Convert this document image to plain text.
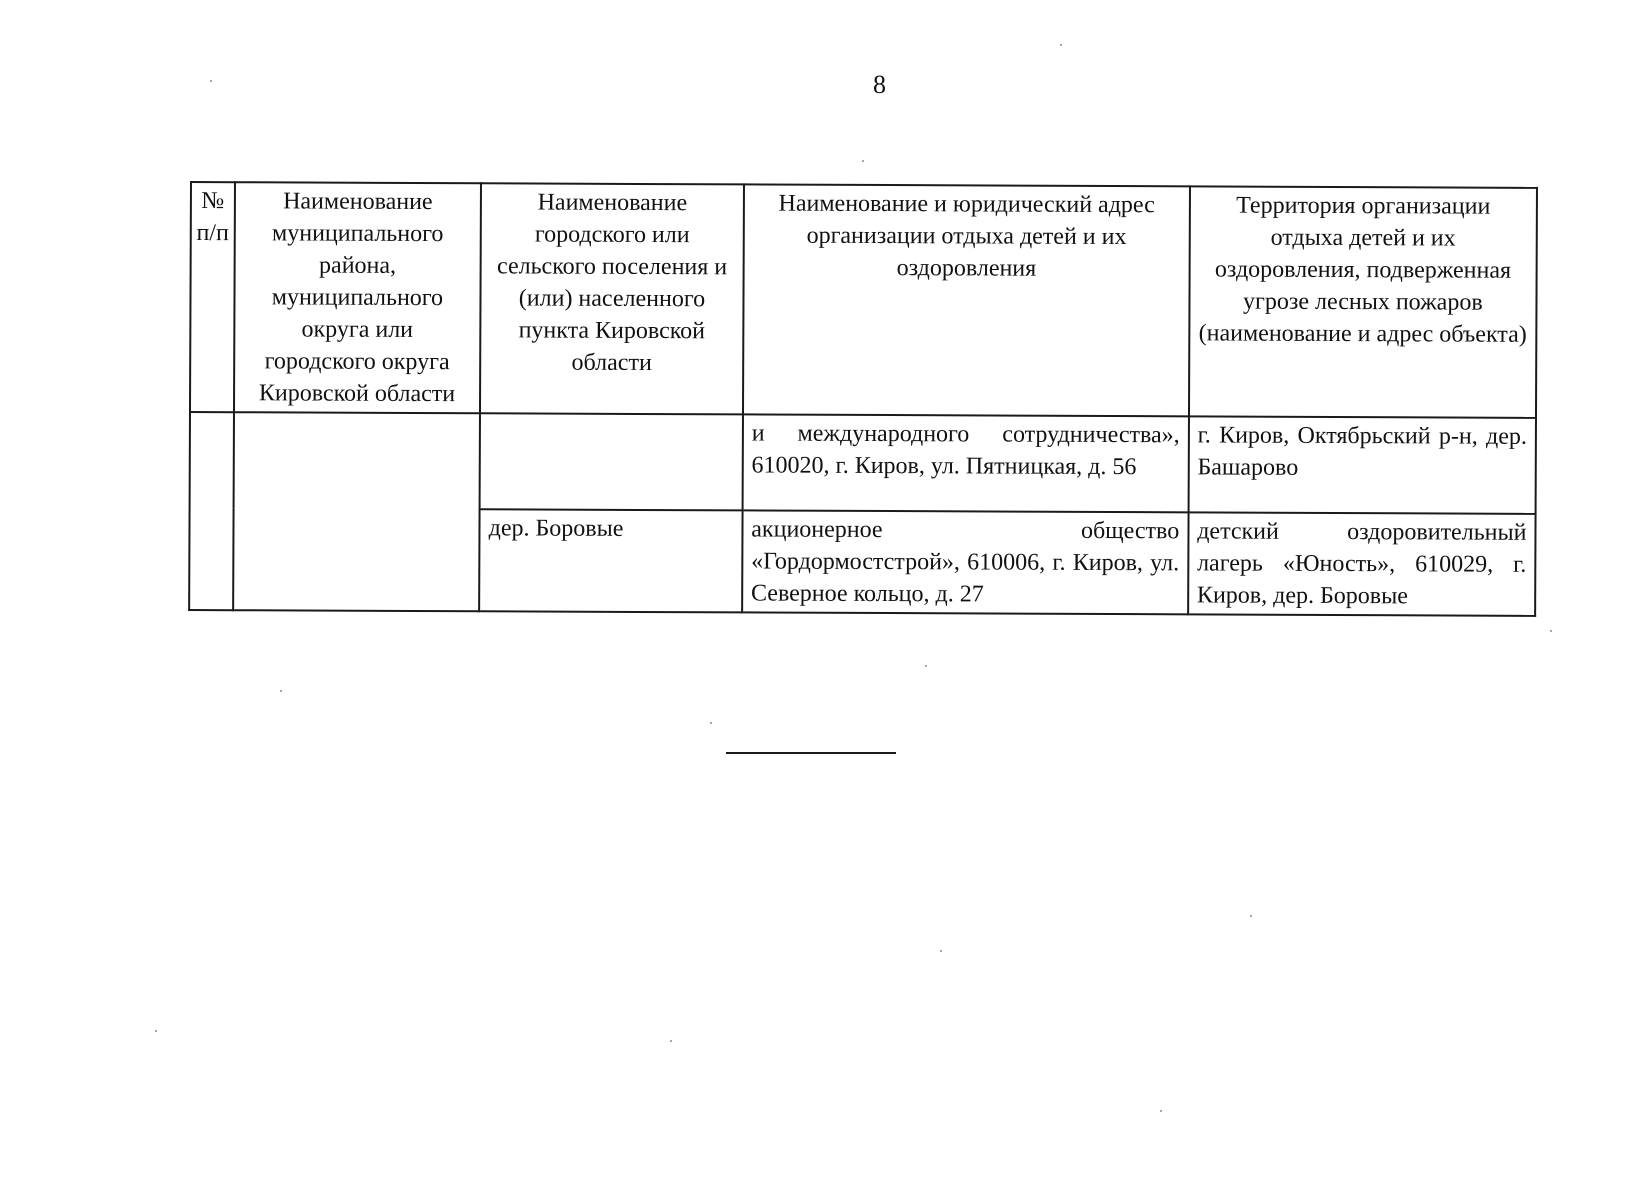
8
№ п/п	Наименование муниципального района, муниципального округа или городского округа Кировской области	Наименование городского или сельского поселения и (или) населенного пункта Кировской области	Наименование и юридический адрес организации отдыха детей и их оздоровления	Территория организации отдыха детей и их оздоровления, подверженная угрозе лесных пожаров (наименование и адрес объекта)
			и международного сотрудничества», 610020, г. Киров, ул. Пятницкая, д. 56	г. Киров, Октябрьский р-н, дер. Башарово
		дер. Боровые	акционерное общество «Гордормостстрой», 610006, г. Киров, ул. Северное кольцо, д. 27	детский оздоровительный лагерь «Юность», 610029, г. Киров, дер. Боровые
